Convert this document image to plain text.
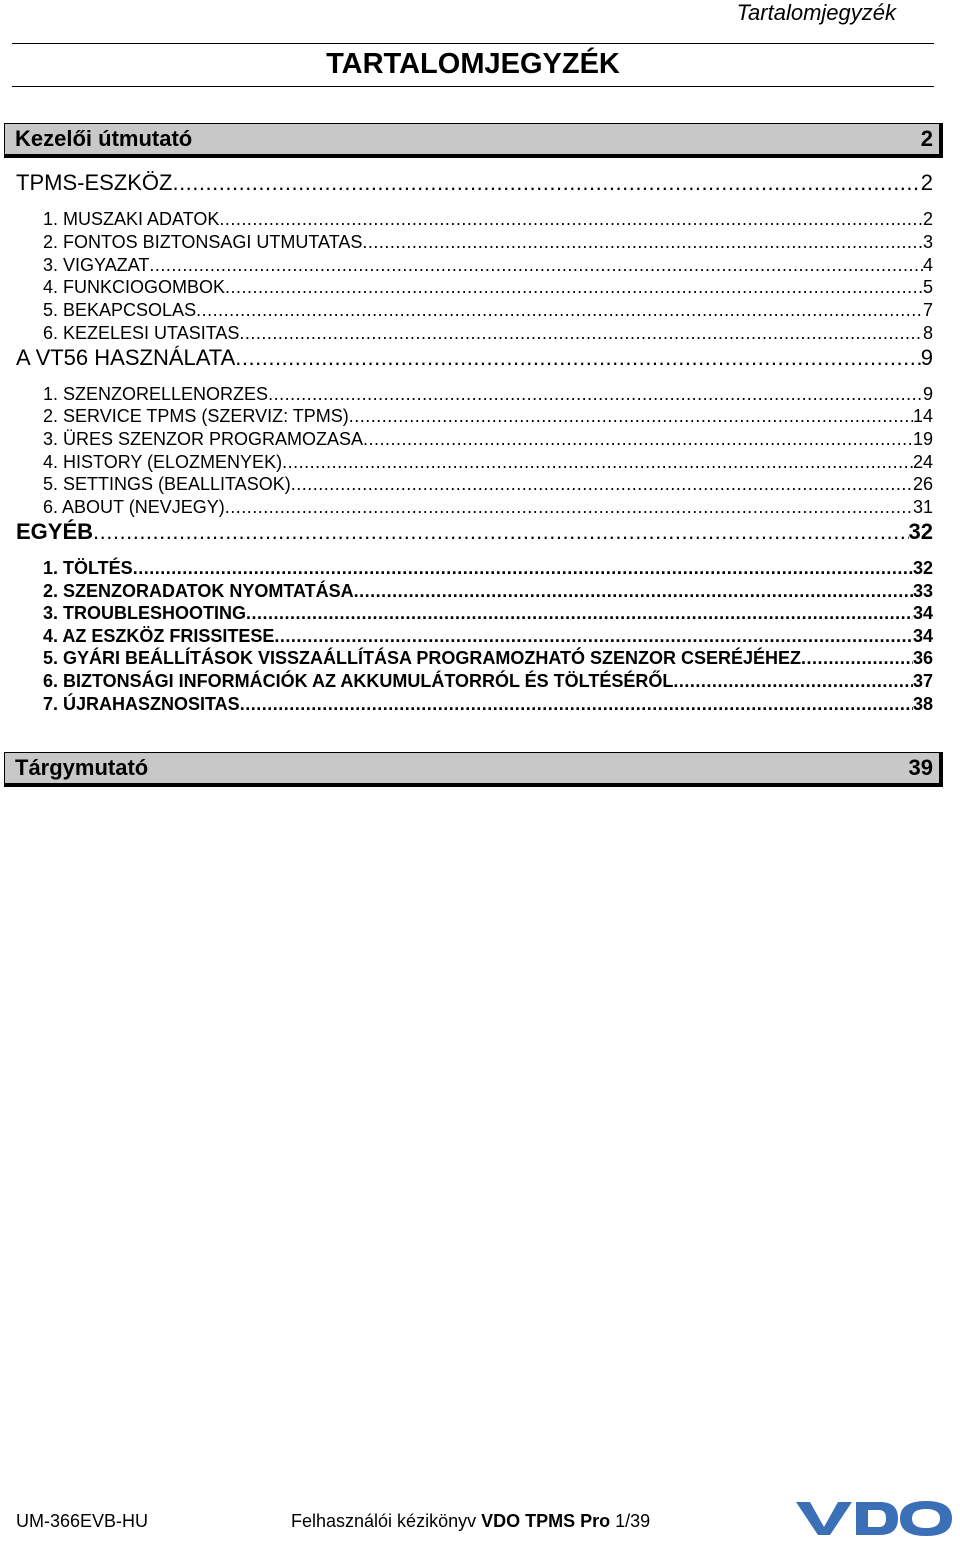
Tartalomjegyzék
TARTALOMJEGYZÉK
Kezelői útmutató	2
TPMS-ESZKÖZ .....	2
1. MUSZAKI ADATOK .....	2
2. FONTOS BIZTONSAGI UTMUTATAS .....	3
3. VIGYAZAT .....	4
4. FUNKCIOGOMBOK .....	5
5. BEKAPCSOLAS .....	7
6. KEZELESI UTASITAS .....	8
A VT56 HASZNÁLATA .....	9
1. SZENZORELLENORZES .....	9
2. SERVICE TPMS (SZERVIZ: TPMS) .....	14
3. ÜRES SZENZOR PROGRAMOZASA .....	19
4. HISTORY (ELOZMENYEK) .....	24
5. SETTINGS (BEALLITASOK) .....	26
6. ABOUT (NEVJEGY) .....	31
EGYÉB .....	32
1. TÖLTÉS .....	32
2. SZENZORADATOK NYOMTATÁSA .....	33
3. TROUBLESHOOTING .....	34
4. AZ ESZKÖZ FRISSITESE .....	34
5. GYÁRI BEÁLLÍTÁSOK VISSZAÁLLÍTÁSA PROGRAMOZHATÓ SZENZOR CSERÉJÉHEZ .....	36
6. BIZTONSÁGI INFORMÁCIÓK AZ AKKUMULÁTORRÓL ÉS TÖLTÉSÉRŐL .....	37
7. ÚJRAHASZNOSITAS .....	38
Tárgymutató	39
UM-366EVB-HU	Felhasználói kézikönyv VDO TPMS Pro 1/39
